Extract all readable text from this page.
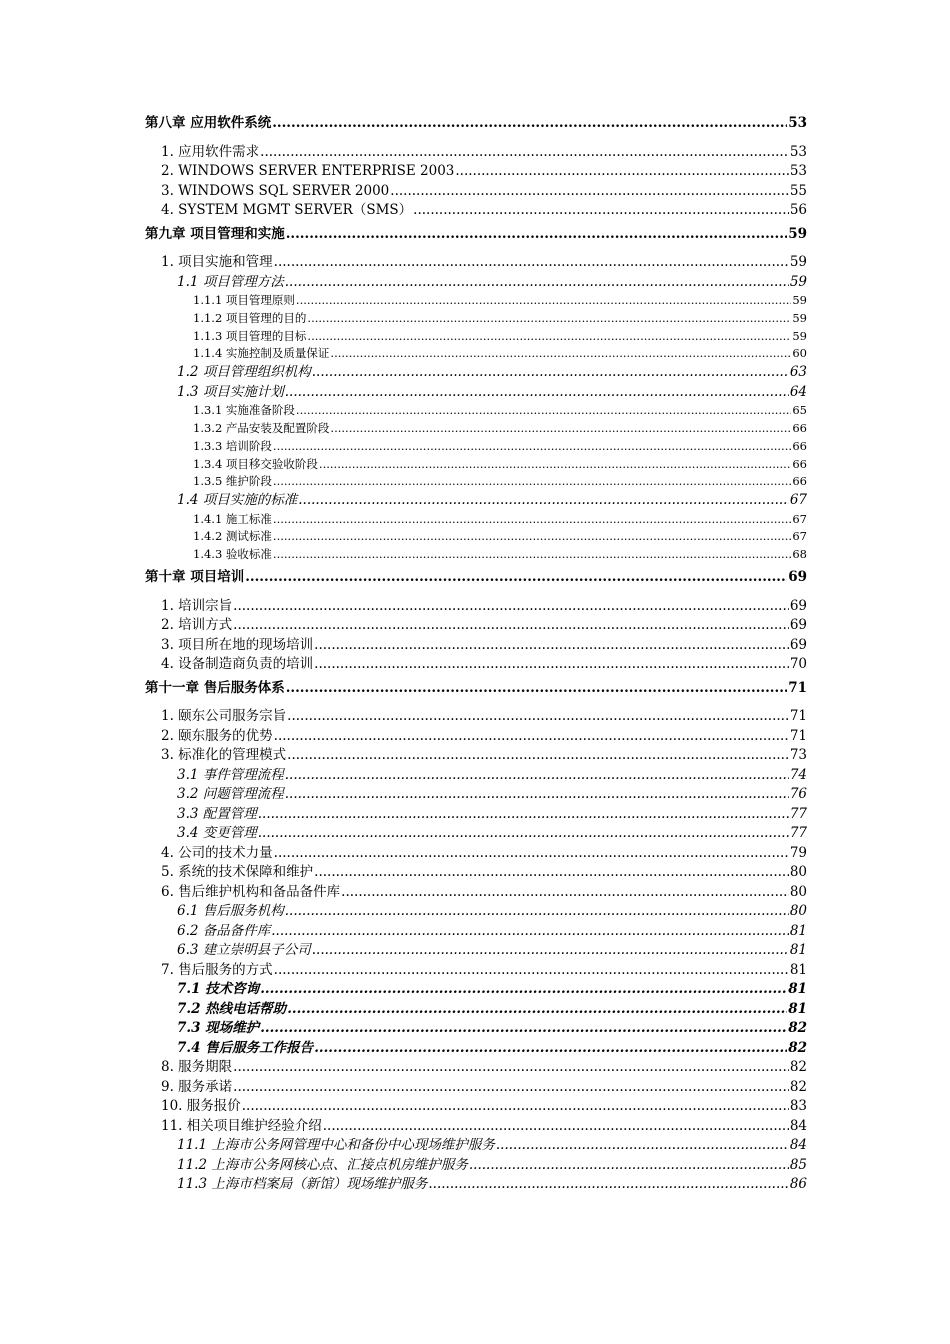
第八章 应用软件系统 .....	53
1. 应用软件需求 .....	53
2. WINDOWS SERVER ENTERPRISE 2003 .....	53
3. WINDOWS SQL SERVER 2000 .....	55
4. SYSTEM MGMT SERVER（SMS） .....	56
第九章 项目管理和实施 .....	59
1. 项目实施和管理 .....	59
1.1 项目管理方法 .....	59
1.1.1 项目管理原则 .....	59
1.1.2 项目管理的目的 .....	59
1.1.3 项目管理的目标 .....	59
1.1.4 实施控制及质量保证 .....	60
1.2 项目管理组织机构 .....	63
1.3 项目实施计划 .....	64
1.3.1 实施准备阶段 .....	65
1.3.2 产品安装及配置阶段 .....	66
1.3.3 培训阶段 .....	66
1.3.4 项目移交验收阶段 .....	66
1.3.5 维护阶段 .....	66
1.4 项目实施的标准 .....	67
1.4.1 施工标准 .....	67
1.4.2 测试标准 .....	67
1.4.3 验收标准 .....	68
第十章 项目培训 .....	69
1. 培训宗旨 .....	69
2. 培训方式 .....	69
3. 项目所在地的现场培训 .....	69
4. 设备制造商负责的培训 .....	70
第十一章 售后服务体系 .....	71
1. 颐东公司服务宗旨 .....	71
2. 颐东服务的优势 .....	71
3. 标准化的管理模式 .....	73
3.1 事件管理流程 .....	74
3.2 问题管理流程 .....	76
3.3 配置管理 .....	77
3.4 变更管理 .....	77
4. 公司的技术力量 .....	79
5. 系统的技术保障和维护 .....	80
6. 售后维护机构和备品备件库 .....	80
6.1 售后服务机构 .....	80
6.2 备品备件库 .....	81
6.3 建立崇明县子公司 .....	81
7. 售后服务的方式 .....	81
7.1 技术咨询 .....	81
7.2 热线电话帮助 .....	81
7.3 现场维护 .....	82
7.4 售后服务工作报告 .....	82
8. 服务期限 .....	82
9. 服务承诺 .....	82
10. 服务报价 .....	83
11. 相关项目维护经验介绍 .....	84
11.1 上海市公务网管理中心和备份中心现场维护服务 .....	84
11.2 上海市公务网核心点、汇接点机房维护服务 .....	85
11.3 上海市档案局（新馆）现场维护服务 .....	86
